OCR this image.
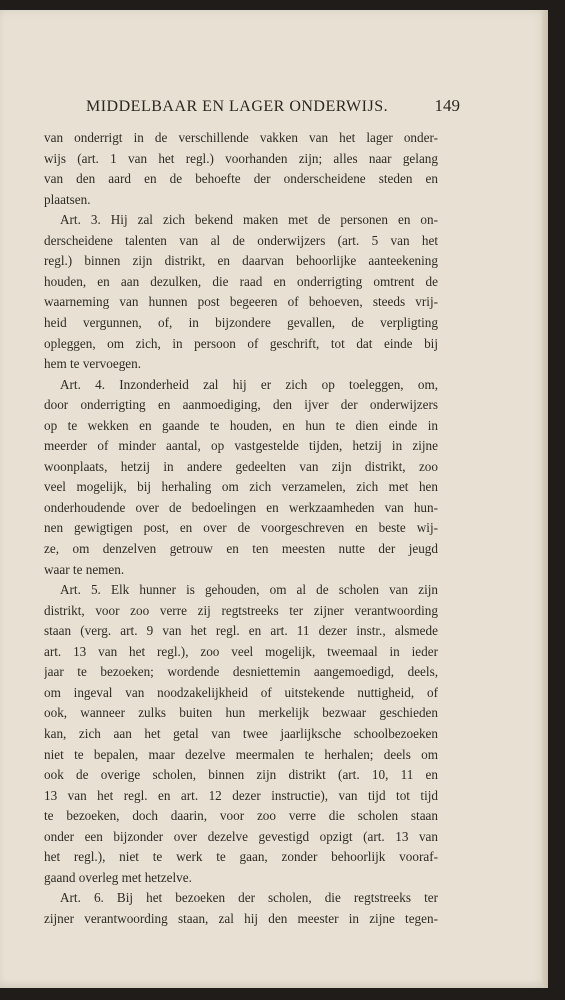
MIDDELBAAR EN LAGER ONDERWIJS.	149
van onderrigt in de verschillende vakken van het lager onder-
wijs (art. 1 van het regl.) voorhanden zijn; alles naar gelang
van den aard en de behoefte der onderscheidene steden en
plaatsen.
Art. 3. Hij zal zich bekend maken met de personen en on-
derscheidene talenten van al de onderwijzers (art. 5 van het
regl.) binnen zijn distrikt, en daarvan behoorlijke aanteekening
houden, en aan dezulken, die raad en onderrigting omtrent de
waarneming van hunnen post begeeren of behoeven, steeds vrij-
heid vergunnen, of, in bijzondere gevallen, de verpligting
opleggen, om zich, in persoon of geschrift, tot dat einde bij
hem te vervoegen.
Art. 4. Inzonderheid zal hij er zich op toeleggen, om,
door onderrigting en aanmoediging, den ijver der onderwijzers
op te wekken en gaande te houden, en hun te dien einde in
meerder of minder aantal, op vastgestelde tijden, hetzij in zijne
woonplaats, hetzij in andere gedeelten van zijn distrikt, zoo
veel mogelijk, bij herhaling om zich verzamelen, zich met hen
onderhoudende over de bedoelingen en werkzaamheden van hun-
nen gewigtigen post, en over de voorgeschreven en beste wij-
ze, om denzelven getrouw en ten meesten nutte der jeugd
waar te nemen.
Art. 5. Elk hunner is gehouden, om al de scholen van zijn
distrikt, voor zoo verre zij regtstreeks ter zijner verantwoording
staan (verg. art. 9 van het regl. en art. 11 dezer instr., alsmede
art. 13 van het regl.), zoo veel mogelijk, tweemaal in ieder
jaar te bezoeken; wordende desniettemin aangemoedigd, deels,
om ingeval van noodzakelijkheid of uitstekende nuttigheid, of
ook, wanneer zulks buiten hun merkelijk bezwaar geschieden
kan, zich aan het getal van twee jaarlijksche schoolbezoeken
niet te bepalen, maar dezelve meermalen te herhalen; deels om
ook de overige scholen, binnen zijn distrikt (art. 10, 11 en
13 van het regl. en art. 12 dezer instructie), van tijd tot tijd
te bezoeken, doch daarin, voor zoo verre die scholen staan
onder een bijzonder over dezelve gevestigd opzigt (art. 13 van
het regl.), niet te werk te gaan, zonder behoorlijk vooraf-
gaand overleg met hetzelve.
Art. 6. Bij het bezoeken der scholen, die regtstreeks ter
zijner verantwoording staan, zal hij den meester in zijne tegen-
